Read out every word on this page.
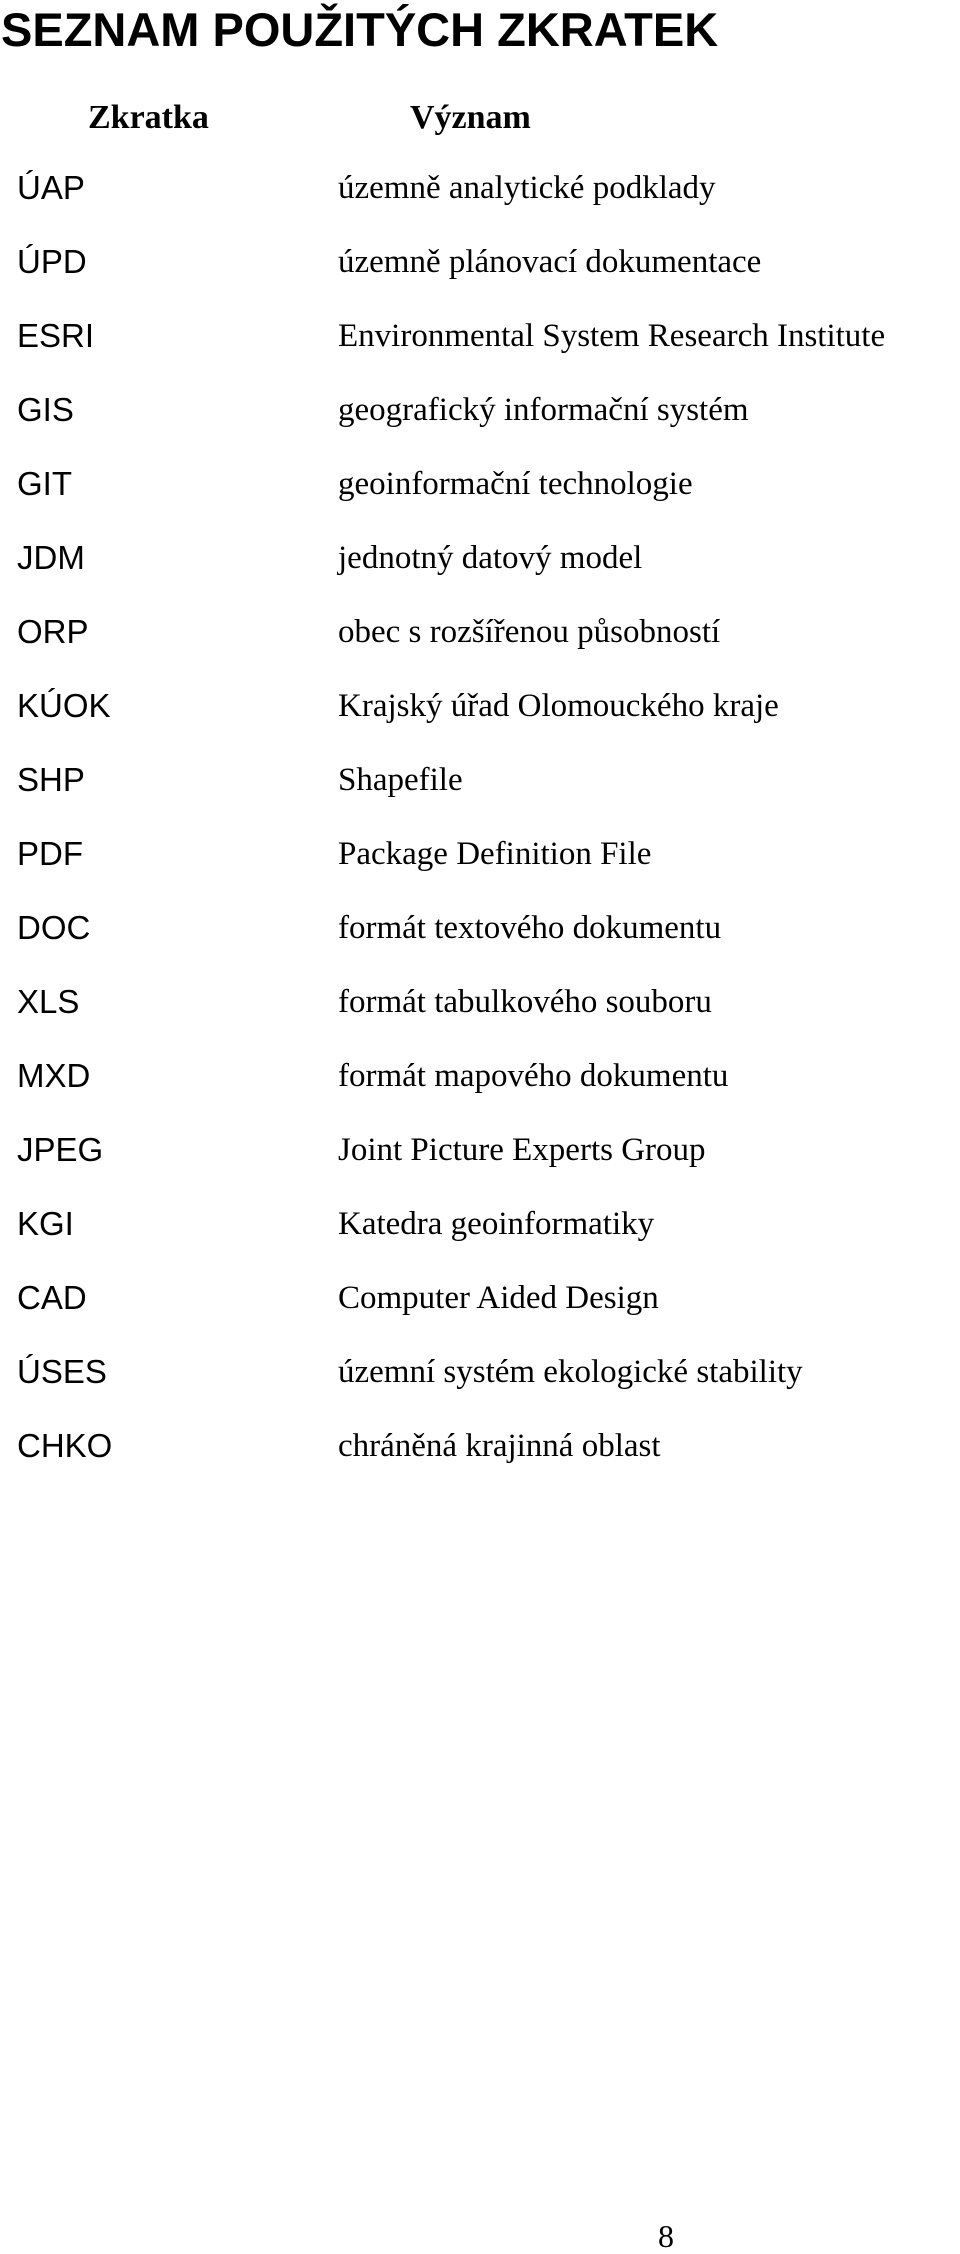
SEZNAM POUŽITÝCH ZKRATEK
Zkratka	Význam
ÚAP	územně analytické podklady
ÚPD	územně plánovací dokumentace
ESRI	Environmental System Research Institute
GIS	geografický informační systém
GIT	geoinformační technologie
JDM	jednotný datový model
ORP	obec s rozšířenou působností
KÚOK	Krajský úřad Olomouckého kraje
SHP	Shapefile
PDF	Package Definition File
DOC	formát textového dokumentu
XLS	formát tabulkového souboru
MXD	formát mapového dokumentu
JPEG	Joint Picture Experts Group
KGI	Katedra geoinformatiky
CAD	Computer Aided Design
ÚSES	územní systém ekologické stability
CHKO	chráněná krajinná oblast
8
